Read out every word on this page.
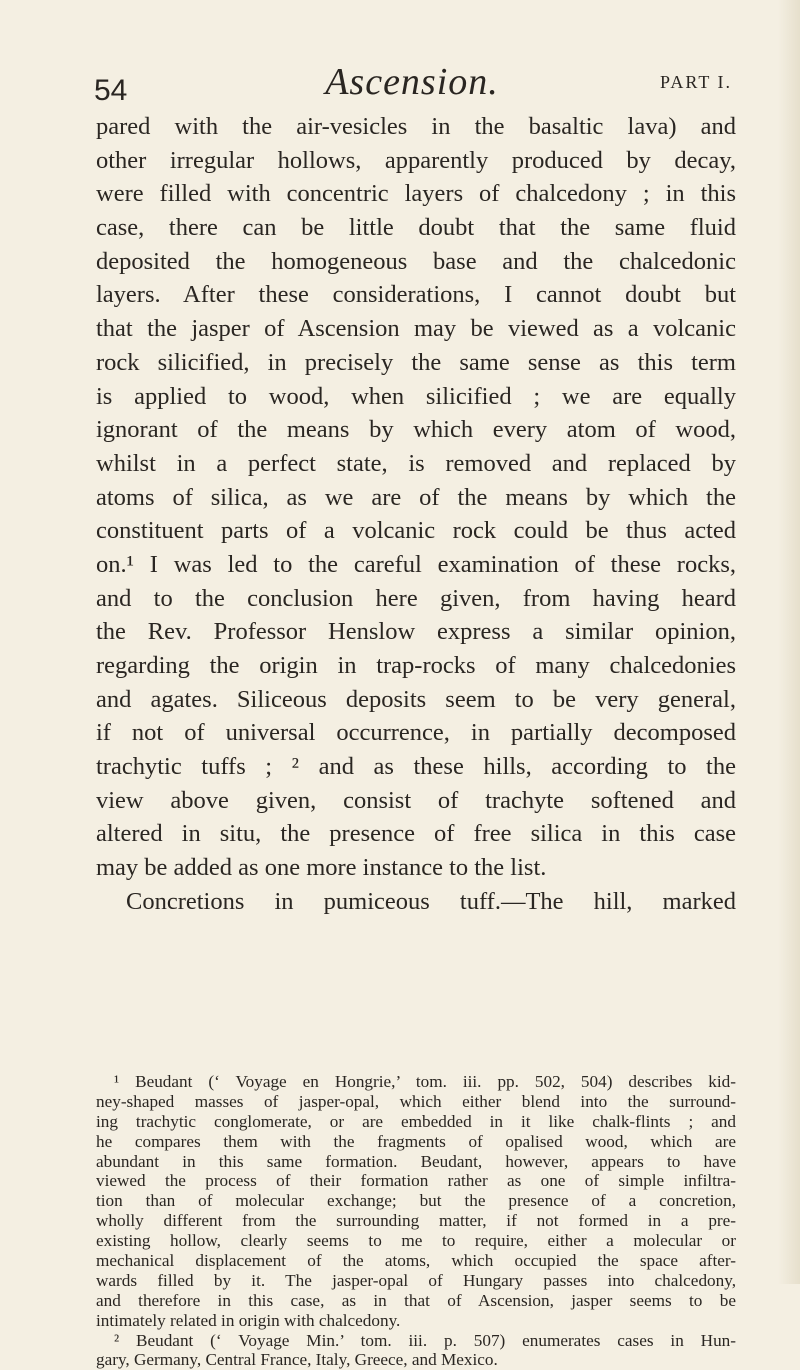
54	Ascension.	PART I.
pared with the air-vesicles in the basaltic lava) and
other irregular hollows, apparently produced by decay,
were filled with concentric layers of chalcedony ; in this
case, there can be little doubt that the same fluid
deposited the homogeneous base and the chalcedonic
layers. After these considerations, I cannot doubt but
that the jasper of Ascension may be viewed as a volcanic
rock silicified, in precisely the same sense as this term
is applied to wood, when silicified ; we are equally
ignorant of the means by which every atom of wood,
whilst in a perfect state, is removed and replaced by
atoms of silica, as we are of the means by which the
constituent parts of a volcanic rock could be thus acted
on.¹ I was led to the careful examination of these rocks,
and to the conclusion here given, from having heard
the Rev. Professor Henslow express a similar opinion,
regarding the origin in trap-rocks of many chalcedonies
and agates. Siliceous deposits seem to be very general,
if not of universal occurrence, in partially decomposed
trachytic tuffs ; ² and as these hills, according to the
view above given, consist of trachyte softened and
altered in situ, the presence of free silica in this case
may be added as one more instance to the list.
Concretions in pumiceous tuff.—The hill, marked
¹ Beudant (‘ Voyage en Hongrie,’ tom. iii. pp. 502, 504) describes kid-
ney-shaped masses of jasper-opal, which either blend into the surround-
ing trachytic conglomerate, or are embedded in it like chalk-flints ; and
he compares them with the fragments of opalised wood, which are
abundant in this same formation. Beudant, however, appears to have
viewed the process of their formation rather as one of simple infiltra-
tion than of molecular exchange; but the presence of a concretion,
wholly different from the surrounding matter, if not formed in a pre-
existing hollow, clearly seems to me to require, either a molecular or
mechanical displacement of the atoms, which occupied the space after-
wards filled by it. The jasper-opal of Hungary passes into chalcedony,
and therefore in this case, as in that of Ascension, jasper seems to be
intimately related in origin with chalcedony.
² Beudant (‘ Voyage Min.’ tom. iii. p. 507) enumerates cases in Hun-
gary, Germany, Central France, Italy, Greece, and Mexico.
